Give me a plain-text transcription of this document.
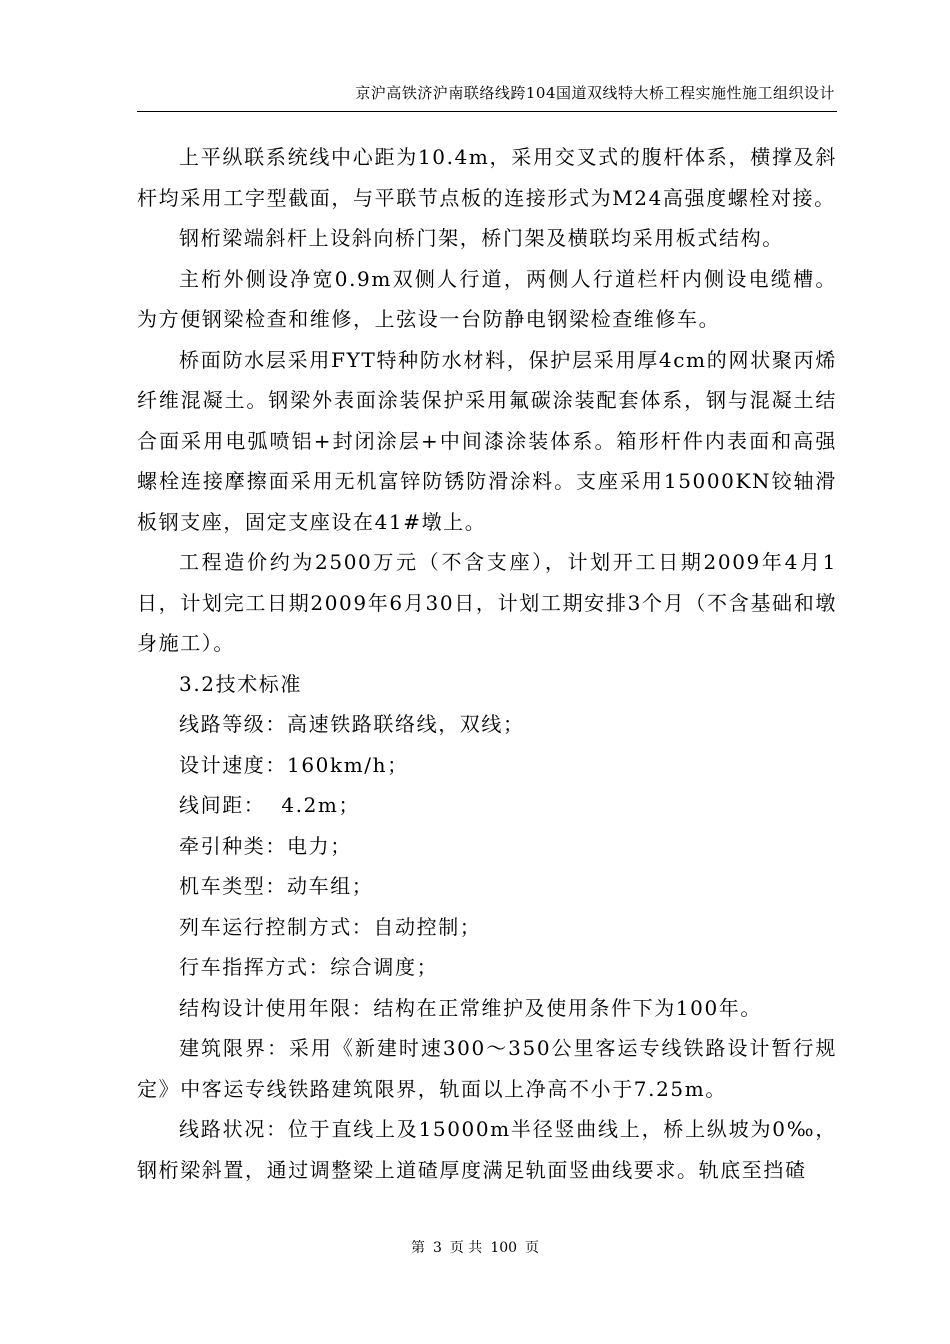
京沪高铁济沪南联络线跨104国道双线特大桥工程实施性施工组织设计

上平纵联系统线中心距为10.4m，采用交叉式的腹杆体系，横撑及斜杆均采用工字型截面，与平联节点板的连接形式为M24高强度螺栓对接。

钢桁梁端斜杆上设斜向桥门架，桥门架及横联均采用板式结构。

主桁外侧设净宽0.9m双侧人行道，两侧人行道栏杆内侧设电缆槽。为方便钢梁检查和维修，上弦设一台防静电钢梁检查维修车。

桥面防水层采用FYT特种防水材料，保护层采用厚4cm的网状聚丙烯纤维混凝土。钢梁外表面涂装保护采用氟碳涂装配套体系，钢与混凝土结合面采用电弧喷铝+封闭涂层+中间漆涂装体系。箱形杆件内表面和高强螺栓连接摩擦面采用无机富锌防锈防滑涂料。支座采用15000KN铰轴滑板钢支座，固定支座设在41#墩上。

工程造价约为2500万元（不含支座），计划开工日期2009年4月1日，计划完工日期2009年6月30日，计划工期安排3个月（不含基础和墩身施工）。

3.2技术标准

线路等级：高速铁路联络线，双线；

设计速度：160km/h；

线间距：  4.2m；

牵引种类：电力；

机车类型：动车组；

列车运行控制方式：自动控制；

行车指挥方式：综合调度；

结构设计使用年限：结构在正常维护及使用条件下为100年。

建筑限界：采用《新建时速300～350公里客运专线铁路设计暂行规定》中客运专线铁路建筑限界，轨面以上净高不小于7.25m。

线路状况：位于直线上及15000m半径竖曲线上，桥上纵坡为0‰，钢桁梁斜置，通过调整梁上道碴厚度满足轨面竖曲线要求。轨底至挡碴

第 3 页 共 100 页
